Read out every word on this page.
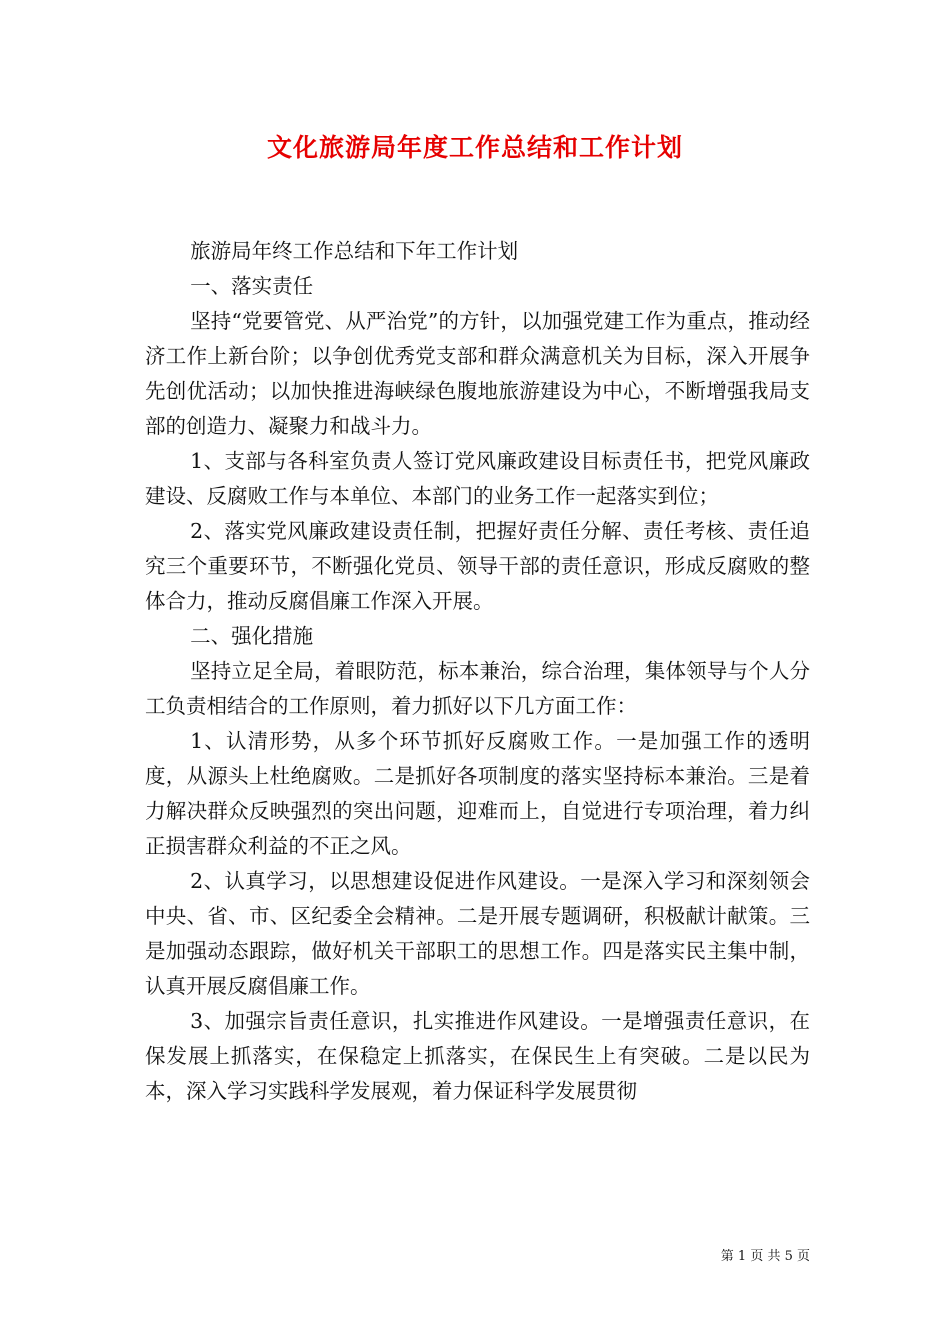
文化旅游局年度工作总结和工作计划

旅游局年终工作总结和下年工作计划

一、落实责任

坚持“党要管党、从严治党”的方针，以加强党建工作为重点，推动经济工作上新台阶；以争创优秀党支部和群众满意机关为目标，深入开展争先创优活动；以加快推进海峡绿色腹地旅游建设为中心，不断增强我局支部的创造力、凝聚力和战斗力。

1、支部与各科室负责人签订党风廉政建设目标责任书，把党风廉政建设、反腐败工作与本单位、本部门的业务工作一起落实到位；

2、落实党风廉政建设责任制，把握好责任分解、责任考核、责任追究三个重要环节，不断强化党员、领导干部的责任意识，形成反腐败的整体合力，推动反腐倡廉工作深入开展。

二、强化措施

坚持立足全局，着眼防范，标本兼治，综合治理，集体领导与个人分工负责相结合的工作原则，着力抓好以下几方面工作：

1、认清形势，从多个环节抓好反腐败工作。一是加强工作的透明度，从源头上杜绝腐败。二是抓好各项制度的落实坚持标本兼治。三是着力解决群众反映强烈的突出问题，迎难而上，自觉进行专项治理，着力纠正损害群众利益的不正之风。

2、认真学习，以思想建设促进作风建设。一是深入学习和深刻领会中央、省、市、区纪委全会精神。二是开展专题调研，积极献计献策。三是加强动态跟踪，做好机关干部职工的思想工作。四是落实民主集中制，认真开展反腐倡廉工作。

3、加强宗旨责任意识，扎实推进作风建设。一是增强责任意识，在保发展上抓落实，在保稳定上抓落实，在保民生上有突破。二是以民为本，深入学习实践科学发展观，着力保证科学发展贯彻

第 1 页 共 5 页
